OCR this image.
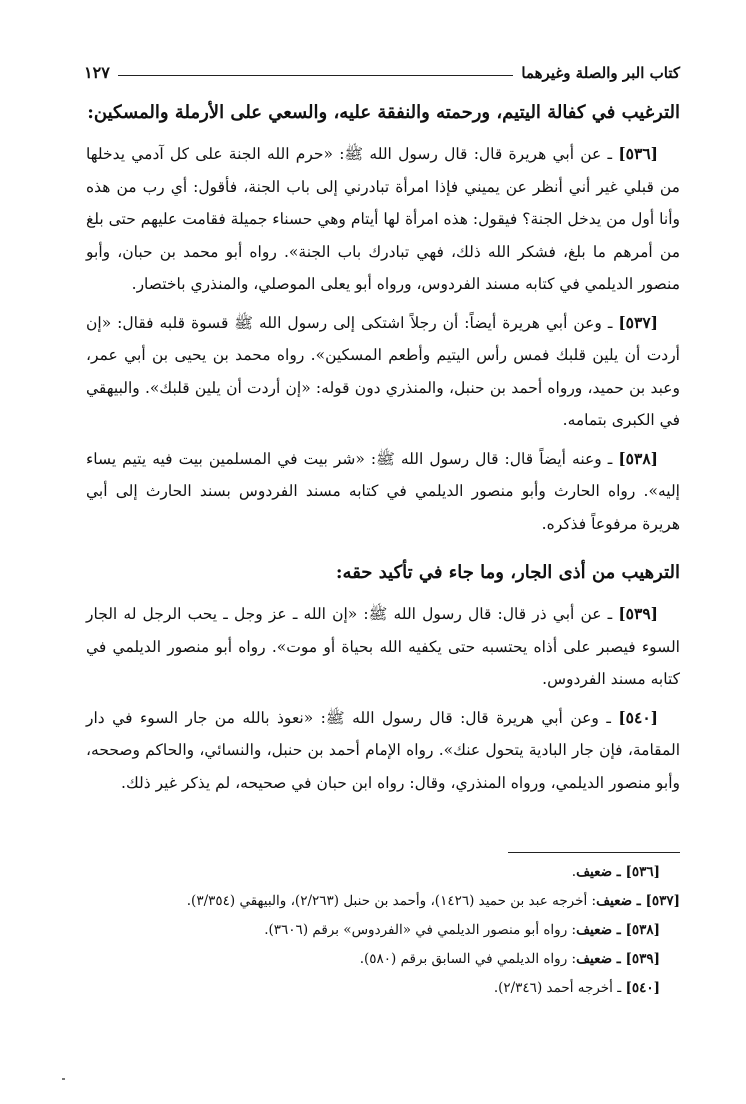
كتاب البر والصلة وغيرهما
١٢٧
الترغيب في كفالة اليتيم، ورحمته والنفقة عليه، والسعي على الأرملة والمسكين:

[٥٣٦] ـ عن أبي هريرة قال: قال رسول الله ﷺ: «حرم الله الجنة على كل آدمي يدخلها من قبلي غير أني أنظر عن يميني فإذا امرأة تبادرني إلى باب الجنة، فأقول: أي رب من هذه وأنا أول من يدخل الجنة؟ فيقول: هذه امرأة لها أيتام وهي حسناء جميلة فقامت عليهم حتى بلغ من أمرهم ما بلغ، فشكر الله ذلك، فهي تبادرك باب الجنة». رواه أبو محمد بن حبان، وأبو منصور الديلمي في كتابه مسند الفردوس، ورواه أبو يعلى الموصلي، والمنذري باختصار.

[٥٣٧] ـ وعن أبي هريرة أيضاً: أن رجلاً اشتكى إلى رسول الله ﷺ قسوة قلبه فقال: «إن أردت أن يلين قلبك فمس رأس اليتيم وأطعم المسكين». رواه محمد بن يحيى بن أبي عمر، وعبد بن حميد، ورواه أحمد بن حنبل، والمنذري دون قوله: «إن أردت أن يلين قلبك». والبيهقي في الكبرى بتمامه.

[٥٣٨] ـ وعنه أيضاً قال: قال رسول الله ﷺ: «شر بيت في المسلمين بيت فيه يتيم يساء إليه». رواه الحارث وأبو منصور الديلمي في كتابه مسند الفردوس بسند الحارث إلى أبي هريرة مرفوعاً فذكره.

الترهيب من أذى الجار، وما جاء في تأكيد حقه:

[٥٣٩] ـ عن أبي ذر قال: قال رسول الله ﷺ: «إن الله ـ عز وجل ـ يحب الرجل له الجار السوء فيصبر على أذاه يحتسبه حتى يكفيه الله بحياة أو موت». رواه أبو منصور الديلمي في كتابه مسند الفردوس.

[٥٤٠] ـ وعن أبي هريرة قال: قال رسول الله ﷺ: «نعوذ بالله من جار السوء في دار المقامة، فإن جار البادية يتحول عنك». رواه الإمام أحمد بن حنبل، والنسائي، والحاكم وصححه، وأبو منصور الديلمي، ورواه المنذري، وقال: رواه ابن حبان في صحيحه، لم يذكر غير ذلك.

[٥٣٦] ـ ضعيف.

[٥٣٧] ـ ضعيف: أخرجه عبد بن حميد (١٤٢٦)، وأحمد بن حنبل (٢/٢٦٣)، والبيهقي (٣/٣٥٤).

[٥٣٨] ـ ضعيف: رواه أبو منصور الديلمي في «الفردوس» برقم (٣٦٠٦).

[٥٣٩] ـ ضعيف: رواه الديلمي في السابق برقم (٥٨٠).

[٥٤٠] ـ أخرجه أحمد (٢/٣٤٦).
